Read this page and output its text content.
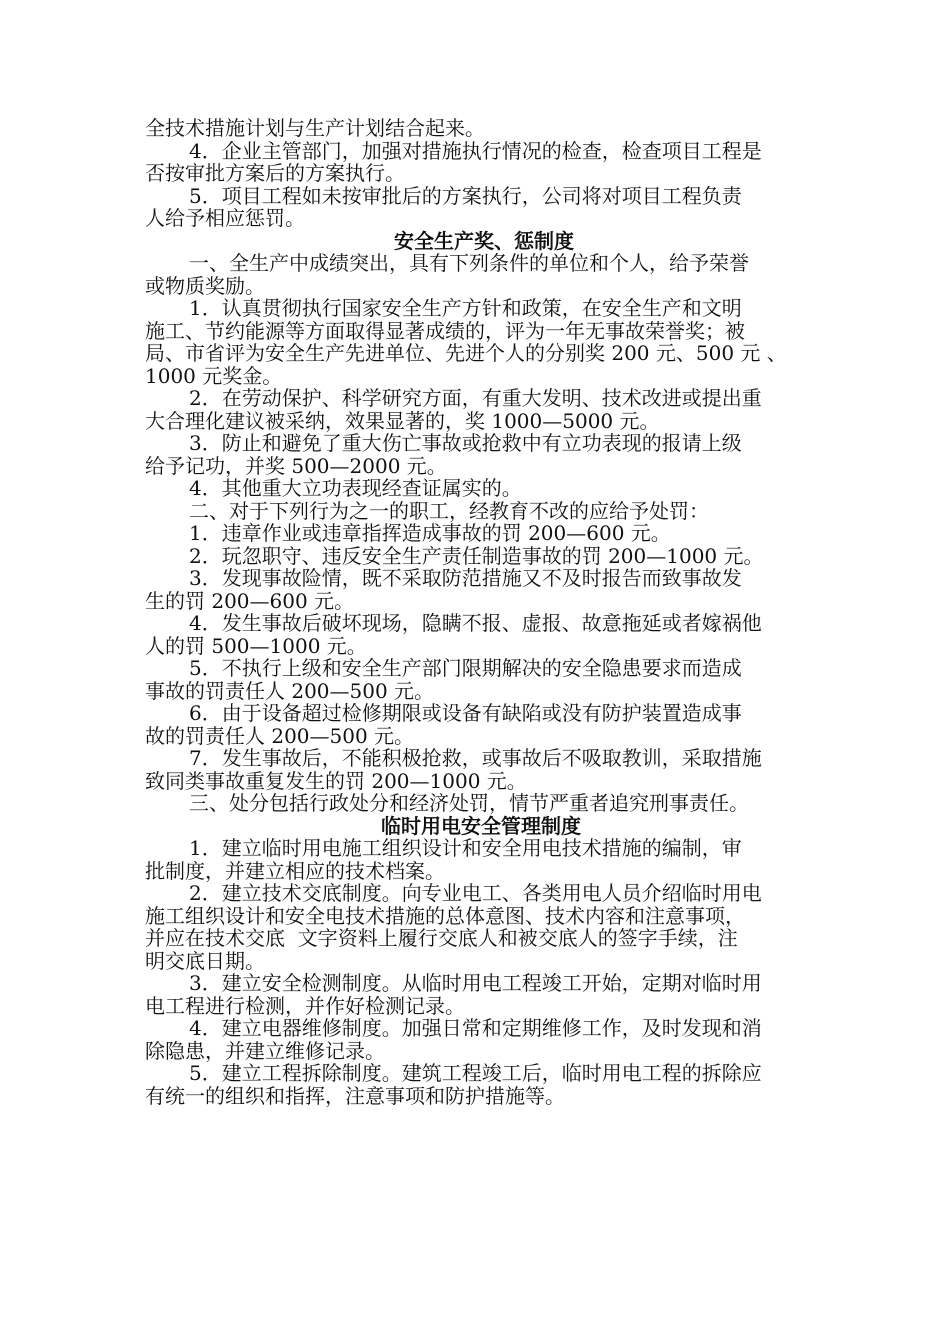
全技术措施计划与生产计划结合起来。
4．企业主管部门，加强对措施执行情况的检查，检查项目工程是
否按审批方案后的方案执行。
5．项目工程如未按审批后的方案执行，公司将对项目工程负责
人给予相应惩罚。
安全生产奖、惩制度
一、全生产中成绩突出，具有下列条件的单位和个人，给予荣誉
或物质奖励。
1．认真贯彻执行国家安全生产方针和政策，在安全生产和文明
施工、节约能源等方面取得显著成绩的，评为一年无事故荣誉奖；被
局、市省评为安全生产先进单位、先进个人的分别奖 200 元、500 元 、
1000 元奖金。
2．在劳动保护、科学研究方面，有重大发明、技术改进或提出重
大合理化建议被采纳，效果显著的，奖 1000—5000 元。
3．防止和避免了重大伤亡事故或抢救中有立功表现的报请上级
给予记功，并奖 500—2000 元。
4．其他重大立功表现经查证属实的。
二、对于下列行为之一的职工，经教育不改的应给予处罚：
1．违章作业或违章指挥造成事故的罚 200—600 元。
2．玩忽职守、违反安全生产责任制造事故的罚 200—1000 元。
3．发现事故险情，既不采取防范措施又不及时报告而致事故发
生的罚 200—600 元。
4．发生事故后破坏现场，隐瞒不报、虚报、故意拖延或者嫁祸他
人的罚 500—1000 元。
5．不执行上级和安全生产部门限期解决的安全隐患要求而造成
事故的罚责任人 200—500 元。
6．由于设备超过检修期限或设备有缺陷或没有防护装置造成事
故的罚责任人 200—500 元。
7．发生事故后，不能积极抢救，或事故后不吸取教训，采取措施
致同类事故重复发生的罚 200—1000 元。
三、处分包括行政处分和经济处罚，情节严重者追究刑事责任。
临时用电安全管理制度
1．建立临时用电施工组织设计和安全用电技术措施的编制，审
批制度，并建立相应的技术档案。
2．建立技术交底制度。向专业电工、各类用电人员介绍临时用电
施工组织设计和安全电技术措施的总体意图、技术内容和注意事项，
并应在技术交底  文字资料上履行交底人和被交底人的签字手续，注
明交底日期。
3．建立安全检测制度。从临时用电工程竣工开始，定期对临时用
电工程进行检测，并作好检测记录。
4．建立电器维修制度。加强日常和定期维修工作，及时发现和消
除隐患，并建立维修记录。
5．建立工程拆除制度。建筑工程竣工后，临时用电工程的拆除应
有统一的组织和指挥，注意事项和防护措施等。
